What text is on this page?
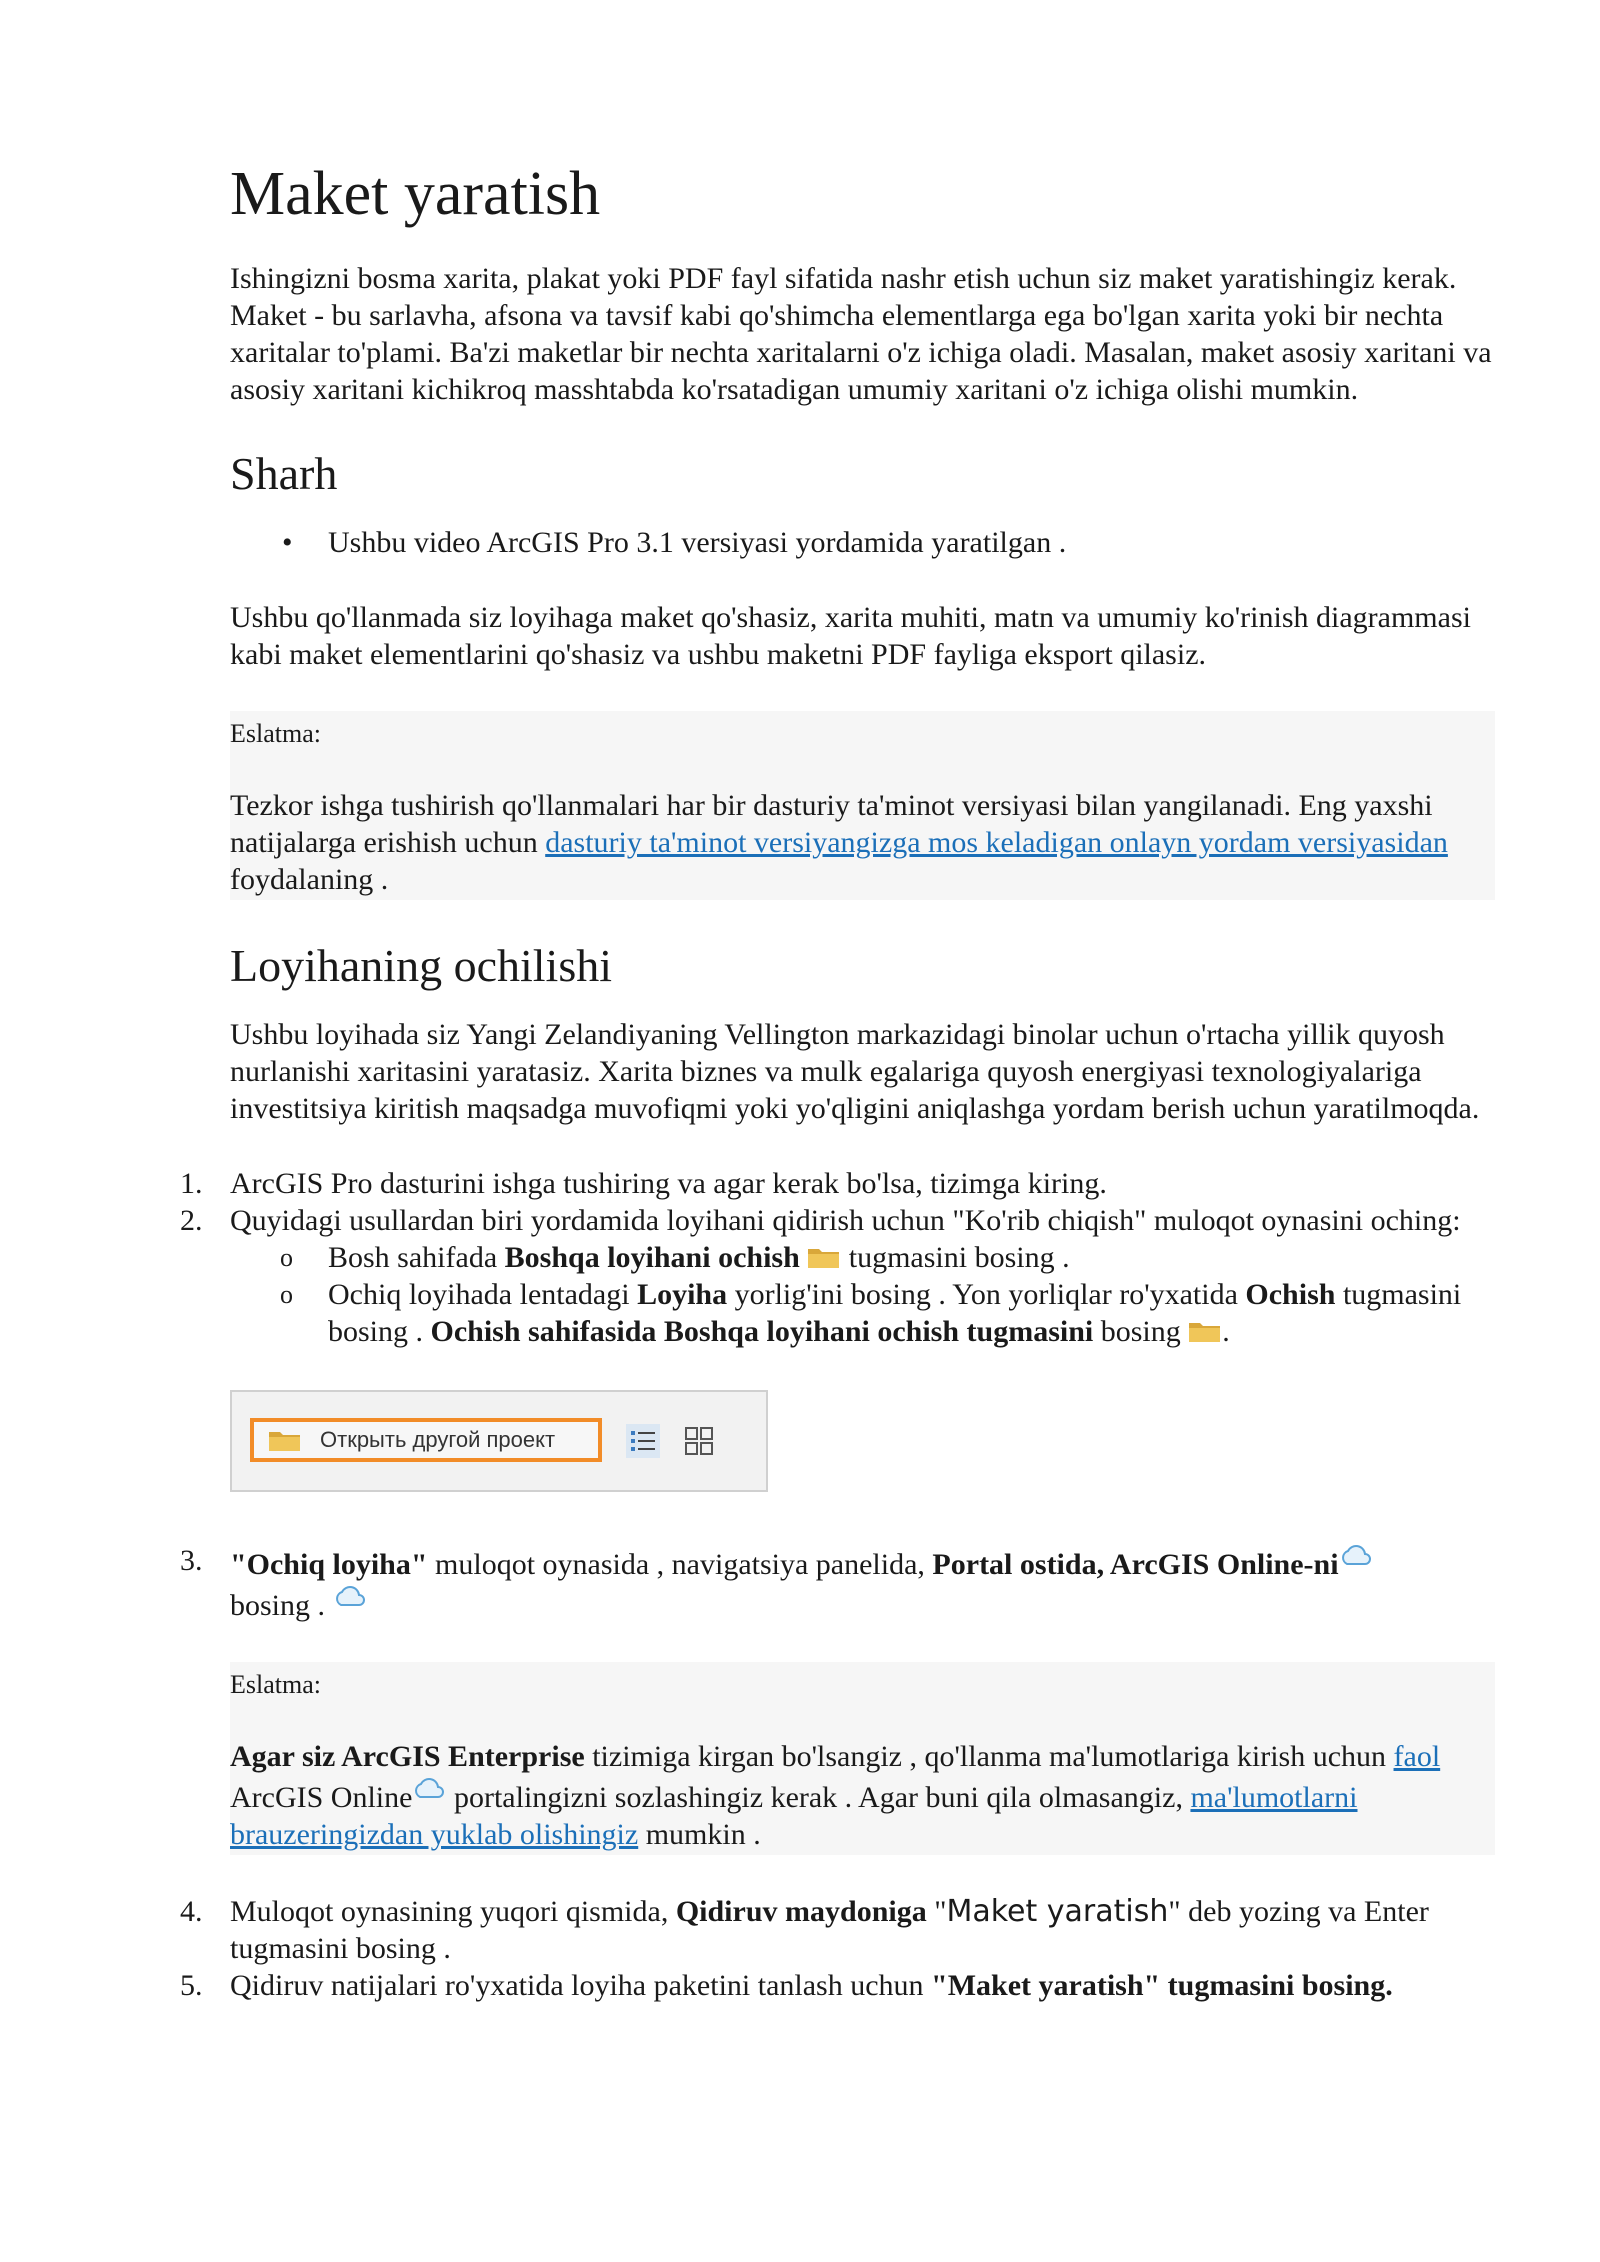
Maket yaratish

Ishingizni bosma xarita, plakat yoki PDF fayl sifatida nashr etish uchun siz maket yaratishingiz kerak. Maket - bu sarlavha, afsona va tavsif kabi qo'shimcha elementlarga ega bo'lgan xarita yoki bir nechta xaritalar to'plami. Ba'zi maketlar bir nechta xaritalarni o'z ichiga oladi. Masalan, maket asosiy xaritani va asosiy xaritani kichikroq masshtabda ko'rsatadigan umumiy xaritani o'z ichiga olishi mumkin.

Sharh
• Ushbu video ArcGIS Pro 3.1 versiyasi yordamida yaratilgan .

Ushbu qo'llanmada siz loyihaga maket qo'shasiz, xarita muhiti, matn va umumiy ko'rinish diagrammasi kabi maket elementlarini qo'shasiz va ushbu maketni PDF fayliga eksport qilasiz.

Eslatma:
Tezkor ishga tushirish qo'llanmalari har bir dasturiy ta'minot versiyasi bilan yangilanadi. Eng yaxshi natijalarga erishish uchun dasturiy ta'minot versiyangizga mos keladigan onlayn yordam versiyasidan foydalaning .
Loyihaning ochilishi

Ushbu loyihada siz Yangi Zelandiyaning Vellington markazidagi binolar uchun o'rtacha yillik quyosh nurlanishi xaritasini yaratasiz. Xarita biznes va mulk egalariga quyosh energiyasi texnologiyalariga investitsiya kiritish maqsadga muvofiqmi yoki yo'qligini aniqlashga yordam berish uchun yaratilmoqda.

1. ArcGIS Pro dasturini ishga tushiring va agar kerak bo'lsa, tizimga kiring.
2. Quyidagi usullardan biri yordamida loyihani qidirish uchun "Ko'rib chiqish" muloqot oynasini oching:
o Bosh sahifada Boshqa loyihani ochish  tugmasini bosing .
o Ochiq loyihada lentadagi Loyiha yorlig'ini bosing . Yon yorliqlar ro'yxatida Ochish tugmasini bosing . Ochish sahifasida Boshqa loyihani ochish tugmasini bosing .
Открыть другой проект
3. "Ochiq loyiha" muloqot oynasida , navigatsiya panelida, Portal ostida, ArcGIS Online-ni
bosing .
Eslatma:
Agar siz ArcGIS Enterprise tizimiga kirgan bo'lsangiz , qo'llanma ma'lumotlariga kirish uchun faol ArcGIS Online portalingizni sozlashingiz kerak . Agar buni qila olmasangiz, ma'lumotlarni brauzeringizdan yuklab olishingiz mumkin .
4. Muloqot oynasining yuqori qismida, Qidiruv maydoniga "Maket yaratish" deb yozing va Enter tugmasini bosing .
5. Qidiruv natijalari ro'yxatida loyiha paketini tanlash uchun "Maket yaratish" tugmasini bosing.
